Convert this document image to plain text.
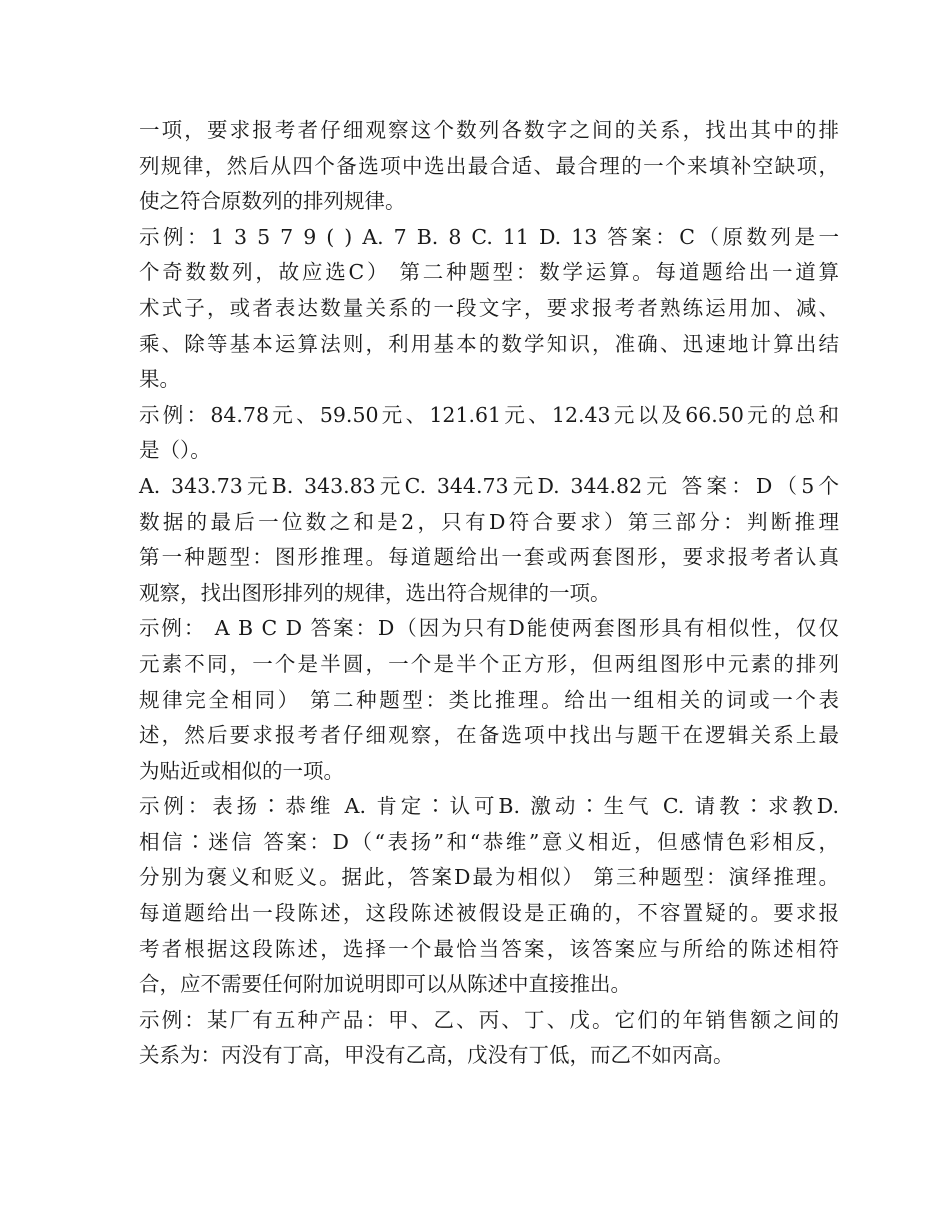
一项，要求报考者仔细观察这个数列各数字之间的关系，找出其中的排
列规律，然后从四个备选项中选出最合适、最合理的一个来填补空缺项，
使之符合原数列的排列规律。
示例：1 3 5 7 9 ( ) A. 7 B. 8 C. 11 D. 13 答案：C（原数列是一
个奇数数列，故应选C） 第二种题型：数学运算。每道题给出一道算
术式子，或者表达数量关系的一段文字，要求报考者熟练运用加、减、
乘、除等基本运算法则，利用基本的数学知识，准确、迅速地计算出结
果。
示例：84.78元、59.50元、121.61元、12.43元以及66.50元的总和
是（）。
A. 343.73元B. 343.83元C. 344.73元D. 344.82元 答案：D（5个
数据的最后一位数之和是2，只有D符合要求）第三部分：判断推理
第一种题型：图形推理。每道题给出一套或两套图形，要求报考者认真
观察，找出图形排列的规律，选出符合规律的一项。
示例： A B C D 答案：D（因为只有D能使两套图形具有相似性，仅仅
元素不同，一个是半圆，一个是半个正方形，但两组图形中元素的排列
规律完全相同） 第二种题型：类比推理。给出一组相关的词或一个表
述，然后要求报考者仔细观察，在备选项中找出与题干在逻辑关系上最
为贴近或相似的一项。
示例：表扬∶恭维 A. 肯定∶认可B. 激动∶生气 C. 请教∶求教D.
相信∶迷信 答案：D（“表扬”和“恭维”意义相近，但感情色彩相反，
分别为褒义和贬义。据此，答案D最为相似） 第三种题型：演绎推理。
每道题给出一段陈述，这段陈述被假设是正确的，不容置疑的。要求报
考者根据这段陈述，选择一个最恰当答案，该答案应与所给的陈述相符
合，应不需要任何附加说明即可以从陈述中直接推出。
示例：某厂有五种产品：甲、乙、丙、丁、戊。它们的年销售额之间的
关系为：丙没有丁高，甲没有乙高，戊没有丁低，而乙不如丙高。
